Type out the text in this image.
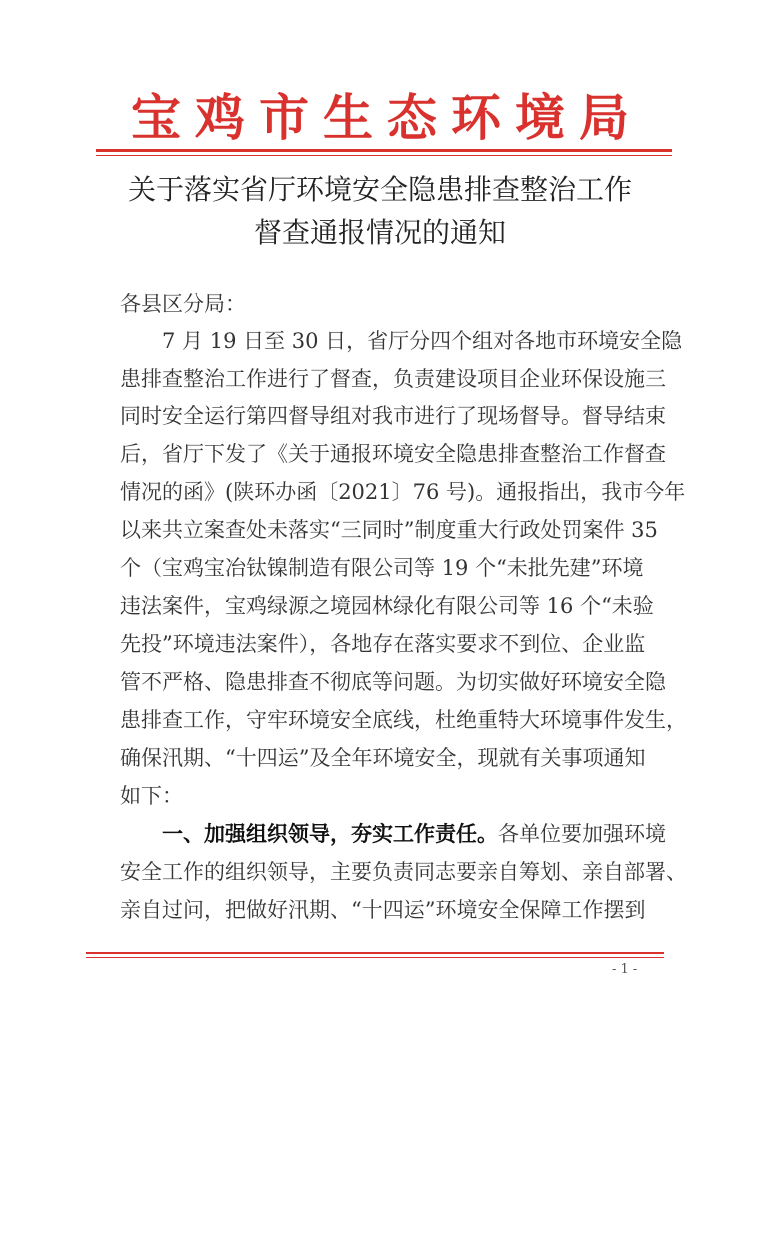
宝鸡市生态环境局
关于落实省厅环境安全隐患排查整治工作
督查通报情况的通知
各县区分局：
7 月 19 日至 30 日，省厅分四个组对各地市环境安全隐
患排查整治工作进行了督查，负责建设项目企业环保设施三
同时安全运行第四督导组对我市进行了现场督导。督导结束
后，省厅下发了《关于通报环境安全隐患排查整治工作督查
情况的函》(陕环办函〔2021〕76 号)。通报指出，我市今年
以来共立案查处未落实“三同时”制度重大行政处罚案件 35
个（宝鸡宝冶钛镍制造有限公司等 19 个“未批先建”环境
违法案件，宝鸡绿源之境园林绿化有限公司等 16 个“未验
先投”环境违法案件），各地存在落实要求不到位、企业监
管不严格、隐患排查不彻底等问题。为切实做好环境安全隐
患排查工作，守牢环境安全底线，杜绝重特大环境事件发生，
确保汛期、“十四运”及全年环境安全，现就有关事项通知
如下：
一、加强组织领导，夯实工作责任。各单位要加强环境
安全工作的组织领导，主要负责同志要亲自筹划、亲自部署、
亲自过问，把做好汛期、“十四运”环境安全保障工作摆到
- 1 -
